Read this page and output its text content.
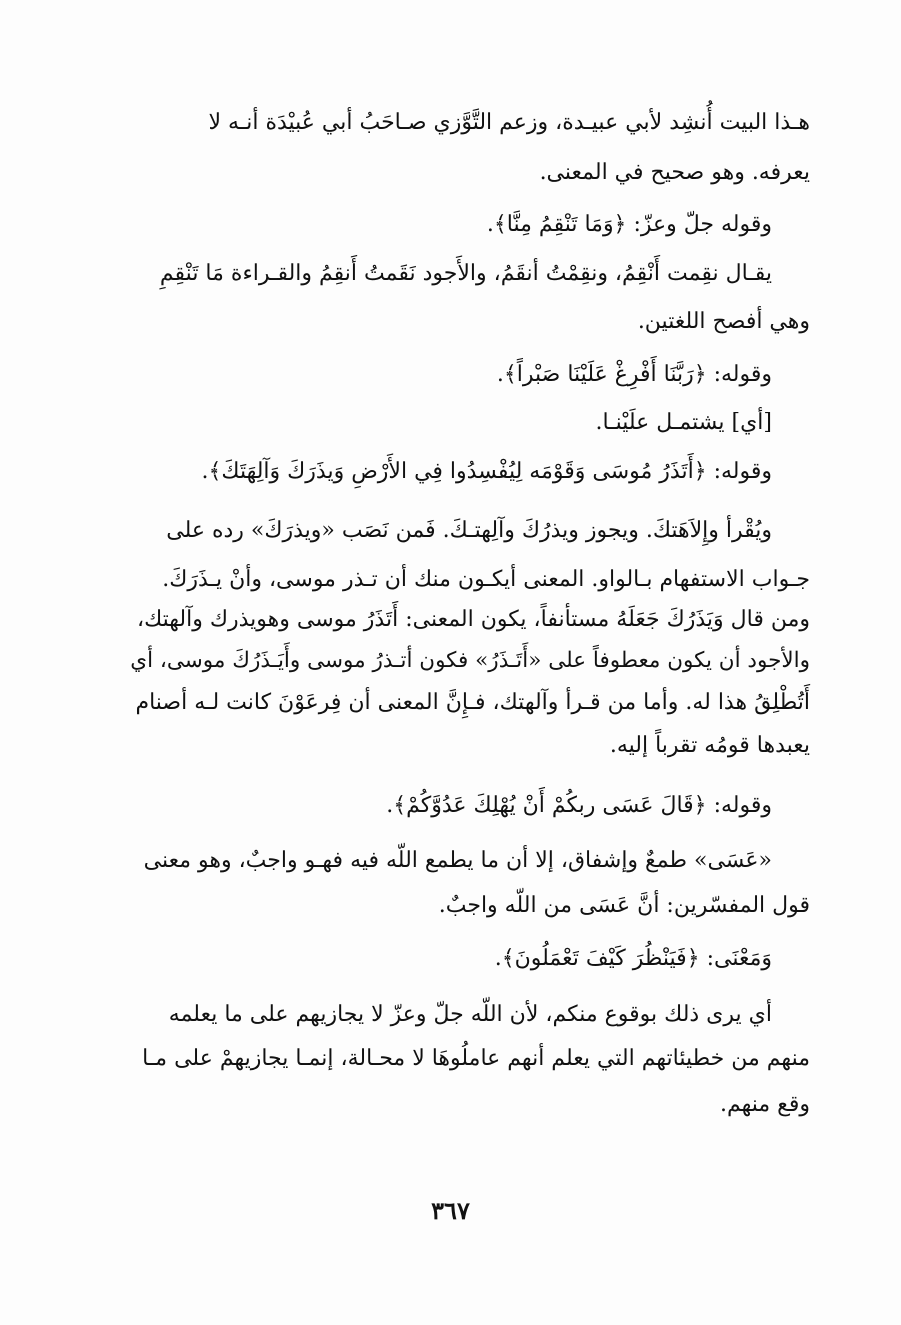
هـذا البيت أُنشِد لأبي عبيـدة، وزعم التَّوَّزي صـاحَبُ أبي عُبيْدَة أنـه لا
يعرفه. وهو صحيح في المعنى.
وقوله جلّ وعزّ: ﴿وَمَا تَنْقِمُ مِنَّا﴾.
يقـال نقِمت أَنْقِمُ، ونقِمْتُ أنقَمُ، والأَجود نَقَمتُ أَنقِمُ والقـراءة مَا تَنْقِمِ
وهي أفصح اللغتين.
وقوله: ﴿رَبَّنَا أَفْرِغْ عَلَيْنَا صَبْراً﴾.
[أي] يشتمـل علَيْنـا.
وقوله: ﴿أَتَذَرُ مُوسَى وَقَوْمَه لِيُفْسِدُوا فِي الأَرْضِ وَيذَرَكَ وَآلِهَتَكَ﴾.
ويُقْرأ وإِلاَهَتكَ. ويجوز ويذرُكَ وآلِهتـكَ. فَمن نَصَب «ويذرَكَ» رده على
جـواب الاستفهام بـالواو. المعنى أيكـون منك أن تـذر موسى، وأنْ يـذَرَكَ.
ومن قال وَيَذَرُكَ جَعَلَهُ مستأنفاً، يكون المعنى: أَتَذَرُ موسى وهويذرك وآلهتك،
والأجود أن يكون معطوفاً على «أَتَـذَرُ» فكون أتـذرُ موسى وأَيَـذَرُكَ موسى، أي
أَتُطْلِقُ هذا له. وأما من قـرأ وآلهتك، فـإِنَّ المعنى أن فِرعَوْنَ كانت لـه أصنام
يعبدها قومُه تقرباً إليه.
وقوله: ﴿قَالَ عَسَى ربكُمْ أَنْ يُهْلِكَ عَدُوَّكُمْ﴾.
«عَسَى» طمعٌ وإشفاق، إلا أن ما يطمع اللّه فيه فهـو واجبٌ، وهو معنى
قول المفسّرين: أنَّ عَسَى من اللّه واجبٌ.
وَمَعْنَى: ﴿فَيَنْظُرَ كَيْفَ تَعْمَلُونَ﴾.
أي يرى ذلك بوقوع منكم، لأن اللّه جلّ وعزّ لا يجازيهم على ما يعلمه
منهم من خطيئاتهم التي يعلم أنهم عاملُوهَا لا محـالة، إنمـا يجازيهمْ على مـا
وقع منهم.
٣٦٧
